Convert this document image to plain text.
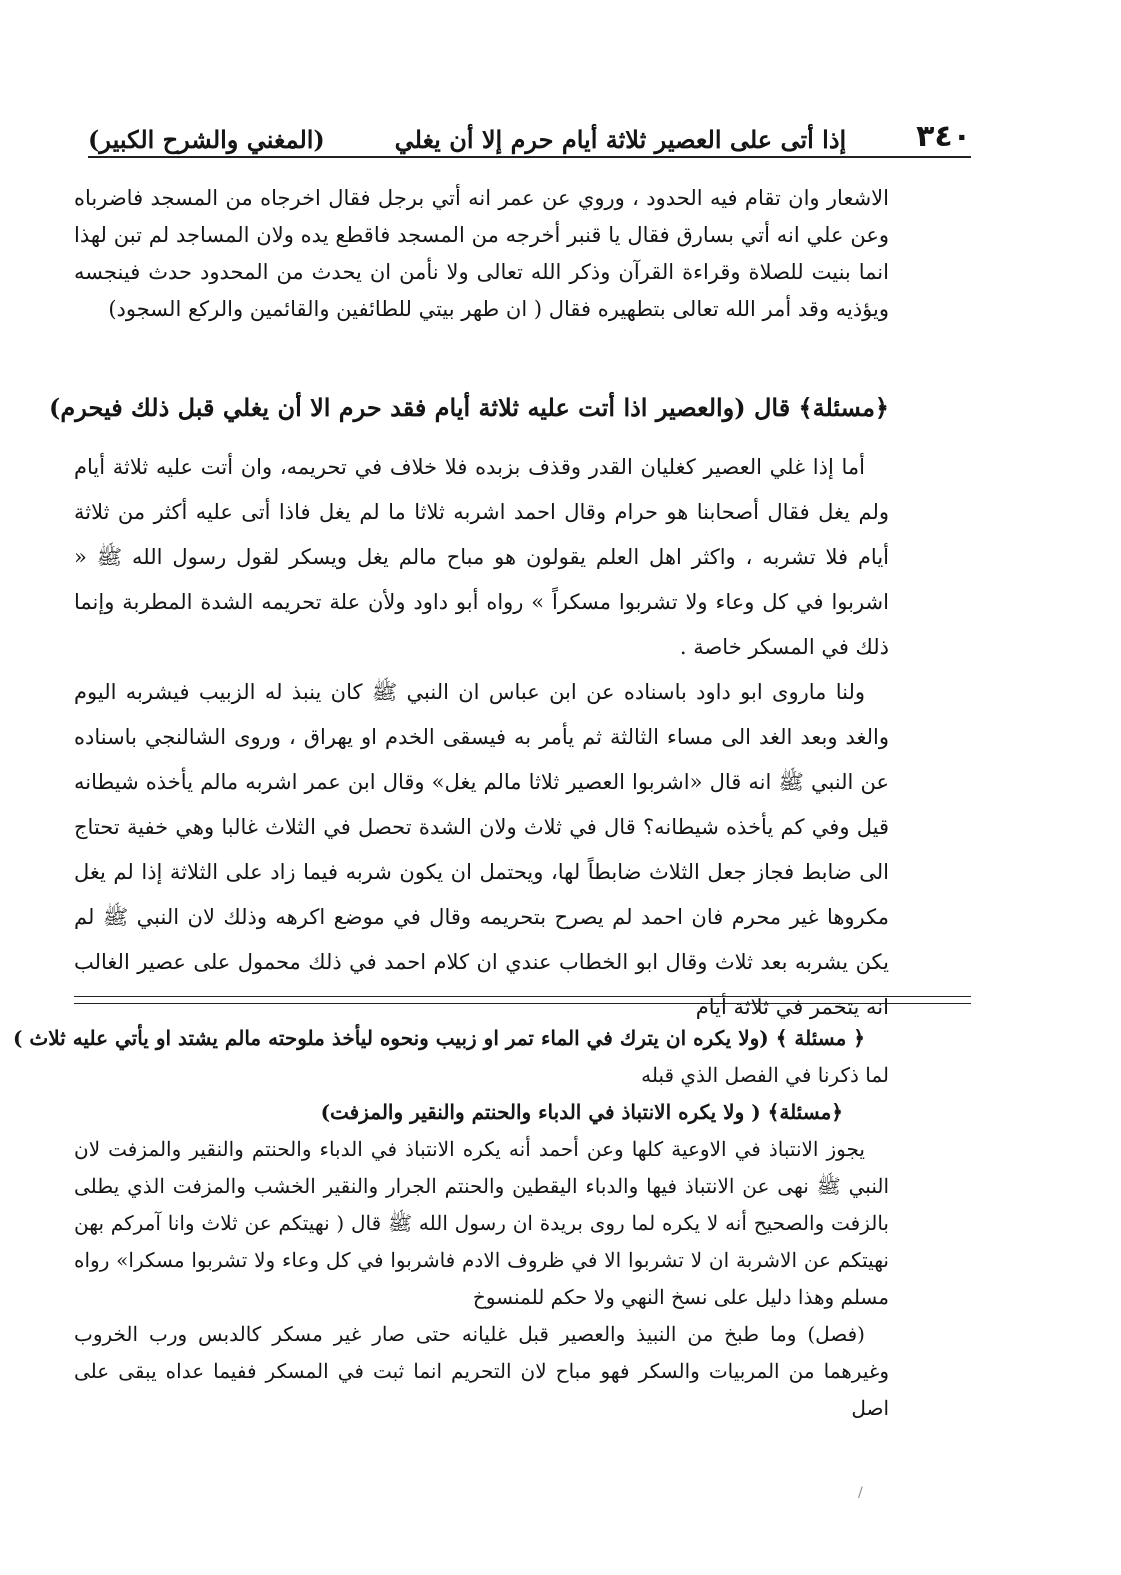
٣٤٠
إذا أتى على العصير ثلاثة أيام حرم إلا أن يغلي
(المغني والشرح الكبير)

الاشعار وان تقام فيه الحدود ، وروي عن عمر انه أتي برجل فقال اخرجاه من المسجد فاضرباه وعن علي انه أتي بسارق فقال يا قنبر أخرجه من المسجد فاقطع يده ولان المساجد لم تبن لهذا انما بنيت للصلاة وقراءة القرآن وذكر الله تعالى ولا نأمن ان يحدث من المحدود حدث فينجسه ويؤذيه وقد أمر الله تعالى بتطهيره فقال ( ان طهر بيتي للطائفين والقائمين والركع السجود)

﴿مسئلة﴾ قال (والعصير اذا أتت عليه ثلاثة أيام فقد حرم الا أن يغلي قبل ذلك فيحرم)

أما إذا غلي العصير كغليان القدر وقذف بزبده فلا خلاف في تحريمه، وان أتت عليه ثلاثة أيام ولم يغل فقال أصحابنا هو حرام وقال احمد اشربه ثلاثا ما لم يغل فاذا أتى عليه أكثر من ثلاثة أيام فلا تشربه ، واكثر اهل العلم يقولون هو مباح مالم يغل ويسكر لقول رسول الله ﷺ « اشربوا في كل وعاء ولا تشربوا مسكراً » رواه أبو داود ولأن علة تحريمه الشدة المطربة وإنما ذلك في المسكر خاصة .

ولنا ماروى ابو داود باسناده عن ابن عباس ان النبي ﷺ كان ينبذ له الزبيب فيشربه اليوم والغد وبعد الغد الى مساء الثالثة ثم يأمر به فيسقى الخدم او يهراق ، وروى الشالنجي باسناده عن النبي ﷺ انه قال «اشربوا العصير ثلاثا مالم يغل» وقال ابن عمر اشربه مالم يأخذه شيطانه قيل وفي كم يأخذه شيطانه؟ قال في ثلاث ولان الشدة تحصل في الثلاث غالبا وهي خفية تحتاج الى ضابط فجاز جعل الثلاث ضابطاً لها، ويحتمل ان يكون شربه فيما زاد على الثلاثة إذا لم يغل مكروها غير محرم فان احمد لم يصرح بتحريمه وقال في موضع اكرهه وذلك لان النبي ﷺ لم يكن يشربه بعد ثلاث وقال ابو الخطاب عندي ان كلام احمد في ذلك محمول على عصير الغالب انه يتخمر في ثلاثة أيام

﴿ مسئلة ﴾ (ولا يكره ان يترك في الماء تمر او زبيب ونحوه ليأخذ ملوحته مالم يشتد او يأتي عليه ثلاث )

لما ذكرنا في الفصل الذي قبله

﴿مسئلة﴾ ( ولا يكره الانتباذ في الدباء والحنتم والنقير والمزفت)

يجوز الانتباذ في الاوعية كلها وعن أحمد أنه يكره الانتباذ في الدباء والحنتم والنقير والمزفت لان النبي ﷺ نهى عن الانتباذ فيها والدباء اليقطين والحنتم الجرار والنقير الخشب والمزفت الذي يطلى بالزفت والصحيح أنه لا يكره لما روى بريدة ان رسول الله ﷺ قال ( نهيتكم عن ثلاث وانا آمركم بهن نهيتكم عن الاشربة ان لا تشربوا الا في ظروف الادم فاشربوا في كل وعاء ولا تشربوا مسكرا» رواه مسلم وهذا دليل على نسخ النهي ولا حكم للمنسوخ

(فصل) وما طبخ من النبيذ والعصير قبل غليانه حتى صار غير مسكر كالدبس ورب الخروب وغيرهما من المربيات والسكر فهو مباح لان التحريم انما ثبت في المسكر ففيما عداه يبقى على اصل

/
